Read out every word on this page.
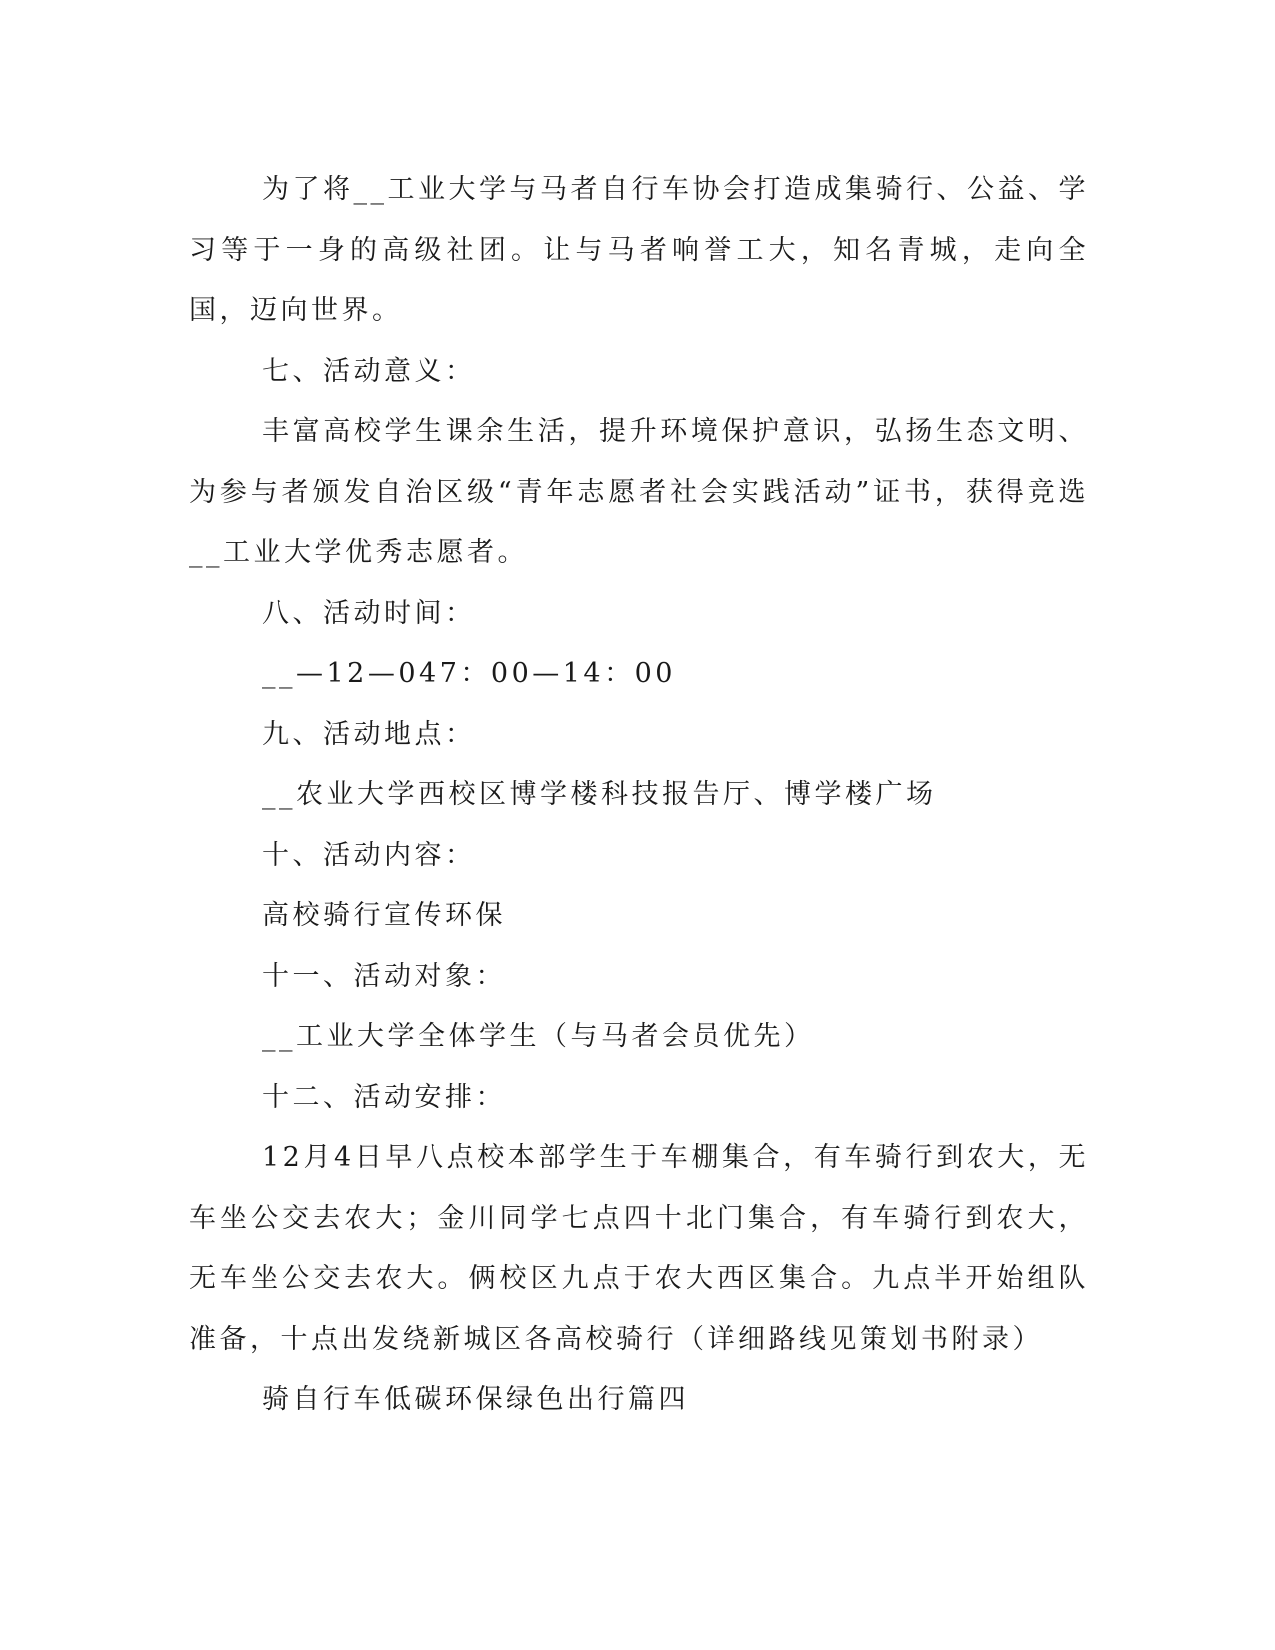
为了将__工业大学与马者自行车协会打造成集骑行、公益、学习等于一身的高级社团。让与马者响誉工大，知名青城，走向全国，迈向世界。

七、活动意义：

丰富高校学生课余生活，提升环境保护意识，弘扬生态文明、为参与者颁发自治区级“青年志愿者社会实践活动”证书，获得竞选__工业大学优秀志愿者。

八、活动时间：

__—12—047：00—14：00

九、活动地点：

__农业大学西校区博学楼科技报告厅、博学楼广场

十、活动内容：

高校骑行宣传环保

十一、活动对象：

__工业大学全体学生（与马者会员优先）

十二、活动安排：

12月4日早八点校本部学生于车棚集合，有车骑行到农大，无车坐公交去农大；金川同学七点四十北门集合，有车骑行到农大，无车坐公交去农大。俩校区九点于农大西区集合。九点半开始组队准备，十点出发绕新城区各高校骑行（详细路线见策划书附录）

骑自行车低碳环保绿色出行篇四
